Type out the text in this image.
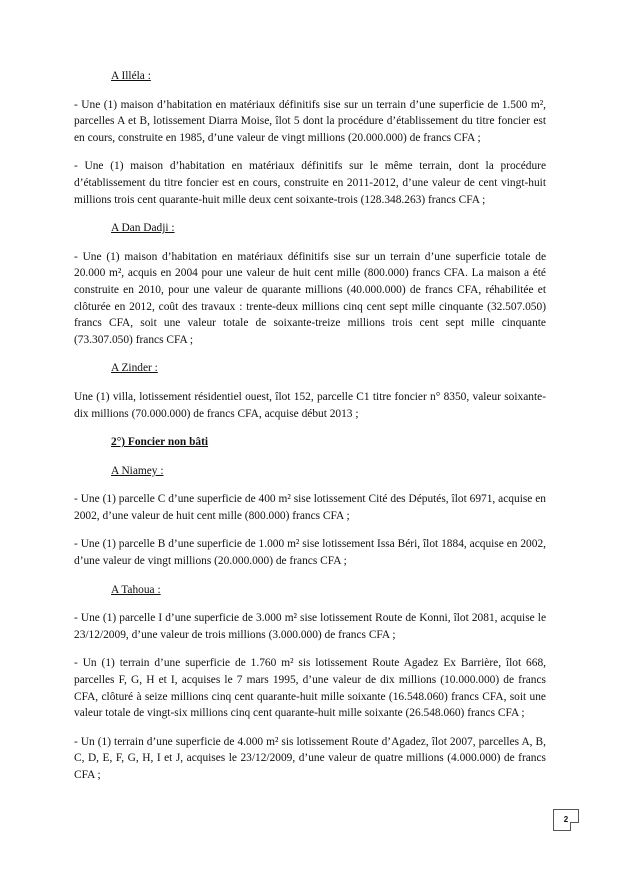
A Illéla :

- Une (1) maison d’habitation en matériaux définitifs sise sur un terrain d’une superficie de 1.500 m², parcelles A et B, lotissement Diarra Moise, îlot 5 dont la procédure d’établissement du titre foncier est en cours, construite en 1985, d’une valeur de vingt millions (20.000.000) de francs CFA ;

- Une (1) maison d’habitation en matériaux définitifs sur le même terrain, dont la procédure d’établissement du titre foncier est en cours, construite en 2011-2012, d’une valeur de cent vingt-huit millions trois cent quarante-huit mille deux cent soixante-trois (128.348.263) francs CFA ;

A Dan Dadji :

- Une (1) maison d’habitation en matériaux définitifs sise sur un terrain d’une superficie totale de 20.000 m², acquis en 2004 pour une valeur de huit cent mille (800.000) francs CFA. La maison a été construite en 2010, pour une valeur de quarante millions (40.000.000) de francs CFA, réhabilitée et clôturée en 2012, coût des travaux : trente-deux millions cinq cent sept mille cinquante (32.507.050) francs CFA, soit une valeur totale de soixante-treize millions trois cent sept mille cinquante (73.307.050) francs CFA ;

A Zinder :

Une (1) villa, lotissement résidentiel ouest, îlot 152, parcelle C1 titre foncier n° 8350, valeur soixante-dix millions (70.000.000) de francs CFA, acquise début 2013 ;

2°) Foncier non bâti
A Niamey :

- Une (1) parcelle C d’une superficie de 400 m² sise lotissement Cité des Députés, îlot 6971, acquise en 2002, d’une valeur de huit cent mille (800.000) francs CFA ;

- Une (1) parcelle B d’une superficie de 1.000 m² sise lotissement Issa Béri, îlot 1884, acquise en 2002, d’une valeur de vingt millions (20.000.000) de francs CFA ;

A Tahoua :

- Une (1) parcelle I d’une superficie de 3.000 m² sise lotissement Route de Konni, îlot 2081, acquise le 23/12/2009, d’une valeur de trois millions (3.000.000) de francs CFA ;

- Un (1) terrain d’une superficie de 1.760 m² sis lotissement Route Agadez Ex Barrière, îlot 668, parcelles F, G, H et I, acquises le 7 mars 1995, d’une valeur de dix millions (10.000.000) de francs CFA, clôturé à seize millions cinq cent quarante-huit mille soixante (16.548.060) francs CFA, soit une valeur totale de vingt-six millions cinq cent quarante-huit mille soixante (26.548.060) francs CFA ;

- Un (1) terrain d’une superficie de 4.000 m² sis lotissement Route d’Agadez, îlot 2007, parcelles A, B, C, D, E, F, G, H, I et J, acquises le 23/12/2009, d’une valeur de quatre millions (4.000.000) de francs CFA ;

2
